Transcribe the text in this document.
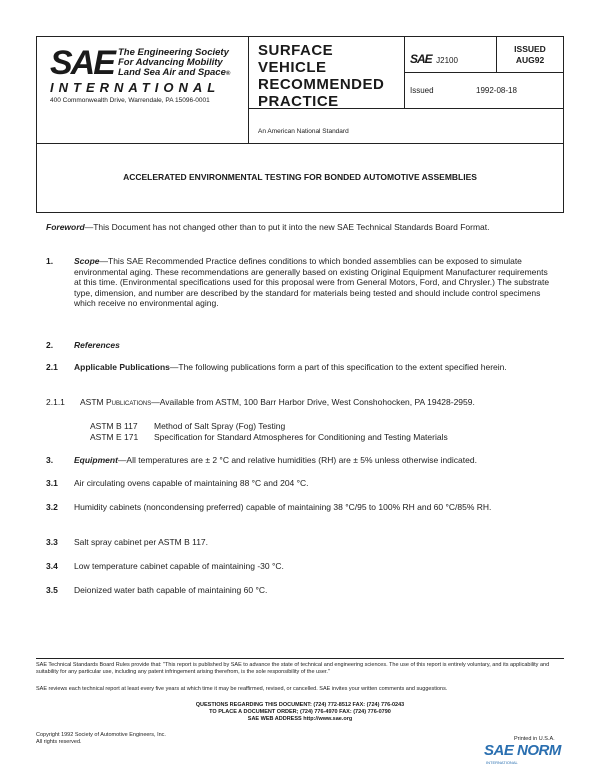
SAE The Engineering Society
For Advancing Mobility
Land Sea Air and Space®
INTERNATIONAL
400 Commonwealth Drive, Warrendale, PA 15096-0001
SURFACE
VEHICLE
RECOMMENDED
PRACTICE
SAE J2100
ISSUED
AUG92
Issued	1992-08-18
An American National Standard
ACCELERATED ENVIRONMENTAL TESTING FOR BONDED AUTOMOTIVE ASSEMBLIES
Foreword—This Document has not changed other than to put it into the new SAE Technical Standards Board Format.
1. Scope—This SAE Recommended Practice defines conditions to which bonded assemblies can be exposed to simulate environmental aging. These recommendations are generally based on existing Original Equipment Manufacturer requirements at this time. (Environmental specifications used for this proposal were from General Motors, Ford, and Chrysler.) The substrate type, dimension, and number are described by the standard for materials being tested and should include control specimens which receive no environmental aging.
2. References
2.1 Applicable Publications—The following publications form a part of this specification to the extent specified herein.
2.1.1 ASTM Publications—Available from ASTM, 100 Barr Harbor Drive, West Conshohocken, PA 19428-2959.
ASTM B 117 Method of Salt Spray (Fog) Testing
ASTM E 171 Specification for Standard Atmospheres for Conditioning and Testing Materials
3. Equipment—All temperatures are ± 2 °C and relative humidities (RH) are ± 5% unless otherwise indicated.
3.1 Air circulating ovens capable of maintaining 88 °C and 204 °C.
3.2 Humidity cabinets (noncondensing preferred) capable of maintaining 38 °C/95 to 100% RH and 60 °C/85% RH.
3.3 Salt spray cabinet per ASTM B 117.
3.4 Low temperature cabinet capable of maintaining -30 °C.
3.5 Deionized water bath capable of maintaining 60 °C.
SAE Technical Standards Board Rules provide that: "This report is published by SAE to advance the state of technical and engineering sciences. The use of this report is entirely voluntary, and its applicability and suitability for any particular use, including any patent infringement arising therefrom, is the sole responsibility of the user."
SAE reviews each technical report at least every five years at which time it may be reaffirmed, revised, or cancelled. SAE invites your written comments and suggestions.
QUESTIONS REGARDING THIS DOCUMENT: (724) 772-8512 FAX: (724) 776-0243
TO PLACE A DOCUMENT ORDER; (724) 776-4970 FAX: (724) 776-0790
SAE WEB ADDRESS http://www.sae.org
Copyright 1992 Society of Automotive Engineers, Inc.
All rights reserved.	Printed in U.S.A.
SAE NORM
INTERNATIONAL
